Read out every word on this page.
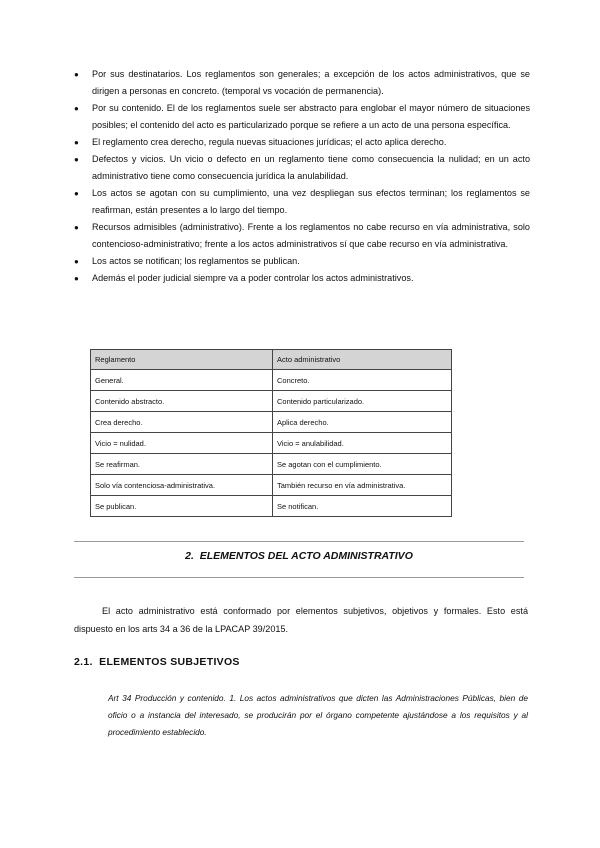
● Por sus destinatarios. Los reglamentos son generales; a excepción de los actos administrativos, que se dirigen a personas en concreto. (temporal vs vocación de permanencia).
● Por su contenido. El de los reglamentos suele ser abstracto para englobar el mayor número de situaciones posibles; el contenido del acto es particularizado porque se refiere a un acto de una persona específica.
● El reglamento crea derecho, regula nuevas situaciones jurídicas; el acto aplica derecho.
● Defectos y vicios. Un vicio o defecto en un reglamento tiene como consecuencia la nulidad; en un acto administrativo tiene como consecuencia jurídica la anulabilidad.
● Los actos se agotan con su cumplimiento, una vez despliegan sus efectos terminan; los reglamentos se reafirman, están presentes a lo largo del tiempo.
● Recursos admisibles (administrativo). Frente a los reglamentos no cabe recurso en vía administrativa, solo contencioso-administrativo; frente a los actos administrativos sí que cabe recurso en vía administrativa.
● Los actos se notifican; los reglamentos se publican.
● Además el poder judicial siempre va a poder controlar los actos administrativos.
Reglamento	Acto administrativo
General.	Concreto.
Contenido abstracto.	Contenido particularizado.
Crea derecho.	Aplica derecho.
Vicio = nulidad.	Vicio = anulabilidad.
Se reafirman.	Se agotan con el cumplimiento.
Solo vía contenciosa-administrativa.	También recurso en vía administrativa.
Se publican.	Se notifican.
2. ELEMENTOS DEL ACTO ADMINISTRATIVO

El acto administrativo está conformado por elementos subjetivos, objetivos y formales. Esto está dispuesto en los arts 34 a 36 de la LPACAP 39/2015.

2.1. ELEMENTOS SUBJETIVOS

Art 34 Producción y contenido. 1. Los actos administrativos que dicten las Administraciones Públicas, bien de oficio o a instancia del interesado, se producirán por el órgano competente ajustándose a los requisitos y al procedimiento establecido.
